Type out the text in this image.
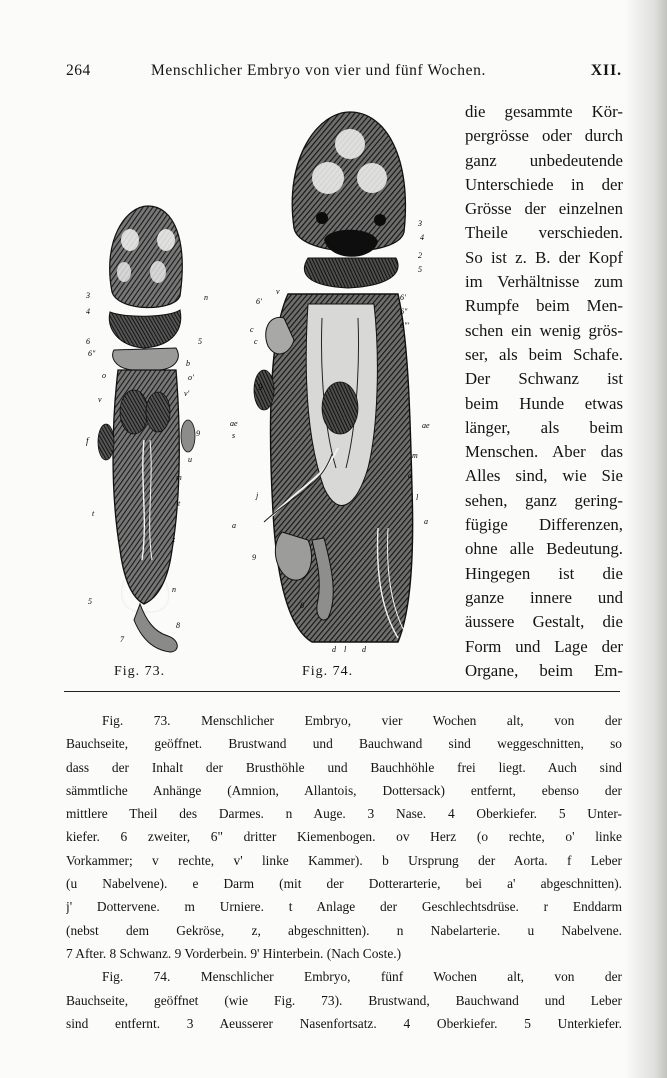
264	Menschlicher Embryo von vier und fünf Wochen.	XII.
die gesammte Kör-
pergrösse oder durch
ganz unbedeutende
Unterschiede in der
Grösse der einzelnen
Theile verschieden.
So ist z. B. der Kopf
im Verhältnisse zum
Rumpfe beim Men-
schen ein wenig grös-
ser, als beim Schafe.
Der Schwanz ist
beim Hunde etwas
länger, als beim
Menschen. Aber das
Alles sind, wie Sie
sehen, ganz gering-
fügige Differenzen,
ohne alle Bedeutung.
Hingegen ist die
ganze innere und
äussere Gestalt, die
Form und Lage der
Organe, beim Em-
3
4
6
6"
o
v
f
t
5
7
n
5
b
o'
v'
9
u
m
t
z
n
8
v
6'
c
c
9
ae
s
j
a
9
8
d l
3
4
2
5
6'
6"
6"'
ae
m
a
l
a
d
Fig. 73.	Fig. 74.
Fig. 73. Menschlicher Embryo, vier Wochen alt, von der
Bauchseite, geöffnet. Brustwand und Bauchwand sind weggeschnitten, so
dass der Inhalt der Brusthöhle und Bauchhöhle frei liegt. Auch sind
sämmtliche Anhänge (Amnion, Allantois, Dottersack) entfernt, ebenso der
mittlere Theil des Darmes. n Auge. 3 Nase. 4 Oberkiefer. 5 Unter-
kiefer. 6 zweiter, 6" dritter Kiemenbogen. ov Herz (o rechte, o' linke
Vorkammer; v rechte, v' linke Kammer). b Ursprung der Aorta. f Leber
(u Nabelvene). e Darm (mit der Dotterarterie, bei a' abgeschnitten).
j' Dottervene. m Urniere. t Anlage der Geschlechtsdrüse. r Enddarm
(nebst dem Gekröse, z, abgeschnitten). n Nabelarterie. u Nabelvene.
7 After. 8 Schwanz. 9 Vorderbein. 9' Hinterbein. (Nach Coste.)
Fig. 74. Menschlicher Embryo, fünf Wochen alt, von der
Bauchseite, geöffnet (wie Fig. 73). Brustwand, Bauchwand und Leber
sind entfernt. 3 Aeusserer Nasenfortsatz. 4 Oberkiefer. 5 Unterkiefer.
